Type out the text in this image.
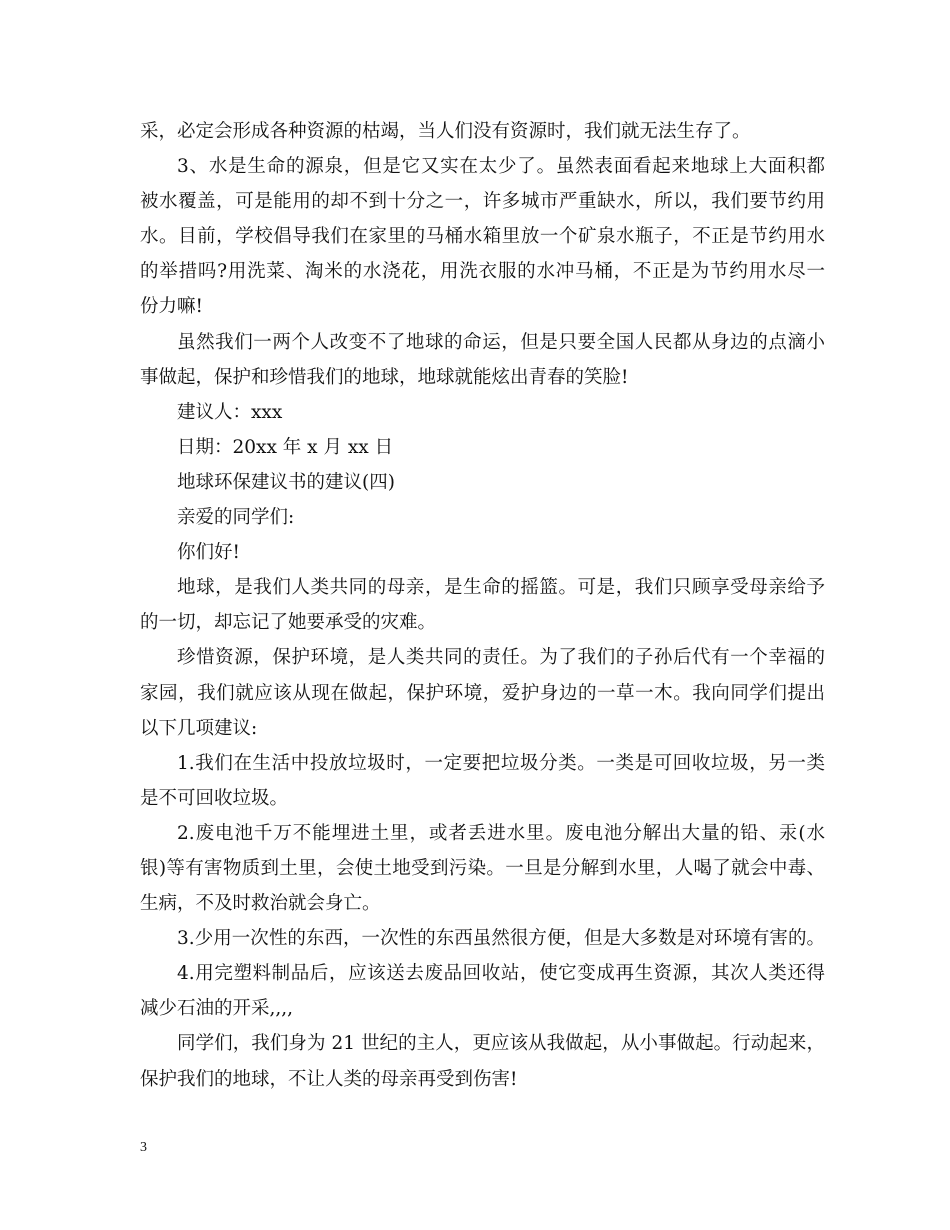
采，必定会形成各种资源的枯竭，当人们没有资源时，我们就无法生存了。
3、水是生命的源泉，但是它又实在太少了。虽然表面看起来地球上大面积都
被水覆盖，可是能用的却不到十分之一，许多城市严重缺水，所以，我们要节约用
水。目前，学校倡导我们在家里的马桶水箱里放一个矿泉水瓶子，不正是节约用水
的举措吗?用洗菜、淘米的水浇花，用洗衣服的水冲马桶，不正是为节约用水尽一
份力嘛!
虽然我们一两个人改变不了地球的命运，但是只要全国人民都从身边的点滴小
事做起，保护和珍惜我们的地球，地球就能炫出青春的笑脸!
建议人：xxx
日期：20xx 年 x 月 xx 日
地球环保建议书的建议(四)
亲爱的同学们:
你们好!
地球，是我们人类共同的母亲，是生命的摇篮。可是，我们只顾享受母亲给予
的一切，却忘记了她要承受的灾难。
珍惜资源，保护环境，是人类共同的责任。为了我们的子孙后代有一个幸福的
家园，我们就应该从现在做起，保护环境，爱护身边的一草一木。我向同学们提出
以下几项建议:
1.我们在生活中投放垃圾时，一定要把垃圾分类。一类是可回收垃圾，另一类
是不可回收垃圾。
2.废电池千万不能埋进土里，或者丢进水里。废电池分解出大量的铅、汞(水
银)等有害物质到土里，会使土地受到污染。一旦是分解到水里，人喝了就会中毒、
生病，不及时救治就会身亡。
3.少用一次性的东西，一次性的东西虽然很方便，但是大多数是对环境有害的。
4.用完塑料制品后，应该送去废品回收站，使它变成再生资源，其次人类还得
减少石油的开采,,,,
同学们，我们身为 21 世纪的主人，更应该从我做起，从小事做起。行动起来，
保护我们的地球，不让人类的母亲再受到伤害!
3
